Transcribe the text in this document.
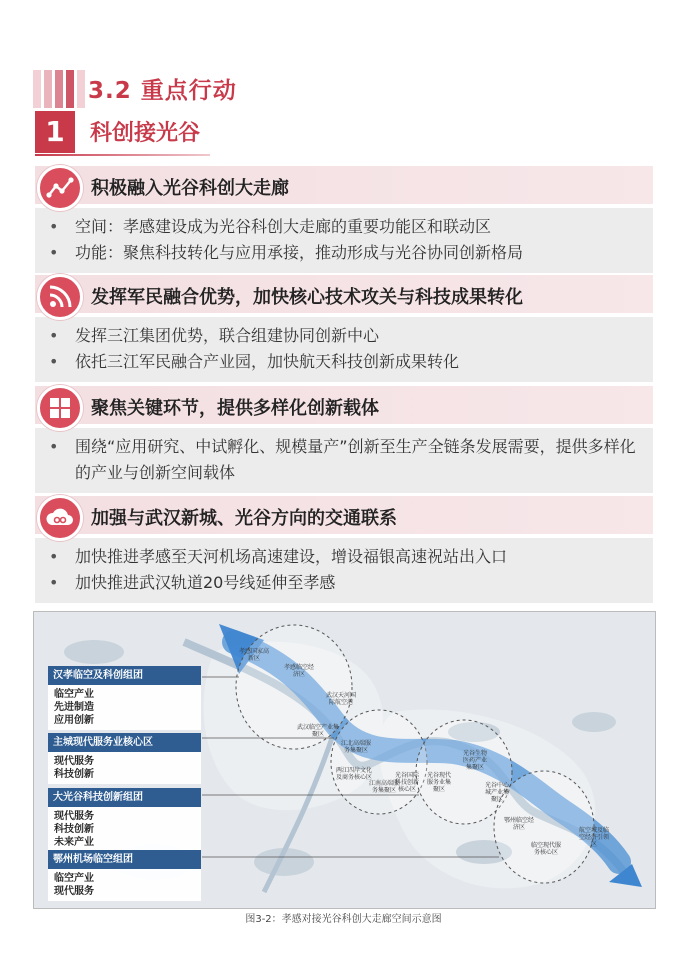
3.2 重点行动
1	科创接光谷
积极融入光谷科创大走廊
• 空间：孝感建设成为光谷科创大走廊的重要功能区和联动区
• 功能：聚焦科技转化与应用承接，推动形成与光谷协同创新格局
发挥军民融合优势，加快核心技术攻关与科技成果转化
• 发挥三江集团优势，联合组建协同创新中心
• 依托三江军民融合产业园，加快航天科技创新成果转化
聚焦关键环节，提供多样化创新载体
• 围绕“应用研究、中试孵化、规模量产”创新至生产全链条发展需要，提供多样化的产业与创新空间载体
加强与武汉新城、光谷方向的交通联系
• 加快推进孝感至天河机场高速建设，增设福银高速祝站出入口
• 加快推进武汉轨道20号线延伸至孝感
汉孝临空及科创组团
临空产业
先进制造
应用创新
主城现代服务业核心区
现代服务
科技创新
大光谷科技创新组团
现代服务
科技创新
未来产业
鄂州机场临空组团
临空产业
现代服务
孝感国家高新区
孝感临空经济区
武汉天河国际航空港
武汉临空产业集聚区
江北高端服务集聚区
两江四岸文化及商务核心区
江南高端服务集聚区
光谷国际科技创新核心区
光谷现代服务业集聚区
光谷生物医药产业集聚区
光谷中心城产业集聚区
鄂州临空经济区
临空现代服务核心区
航空城及临空经济引领区
图3-2：孝感对接光谷科创大走廊空间示意图
